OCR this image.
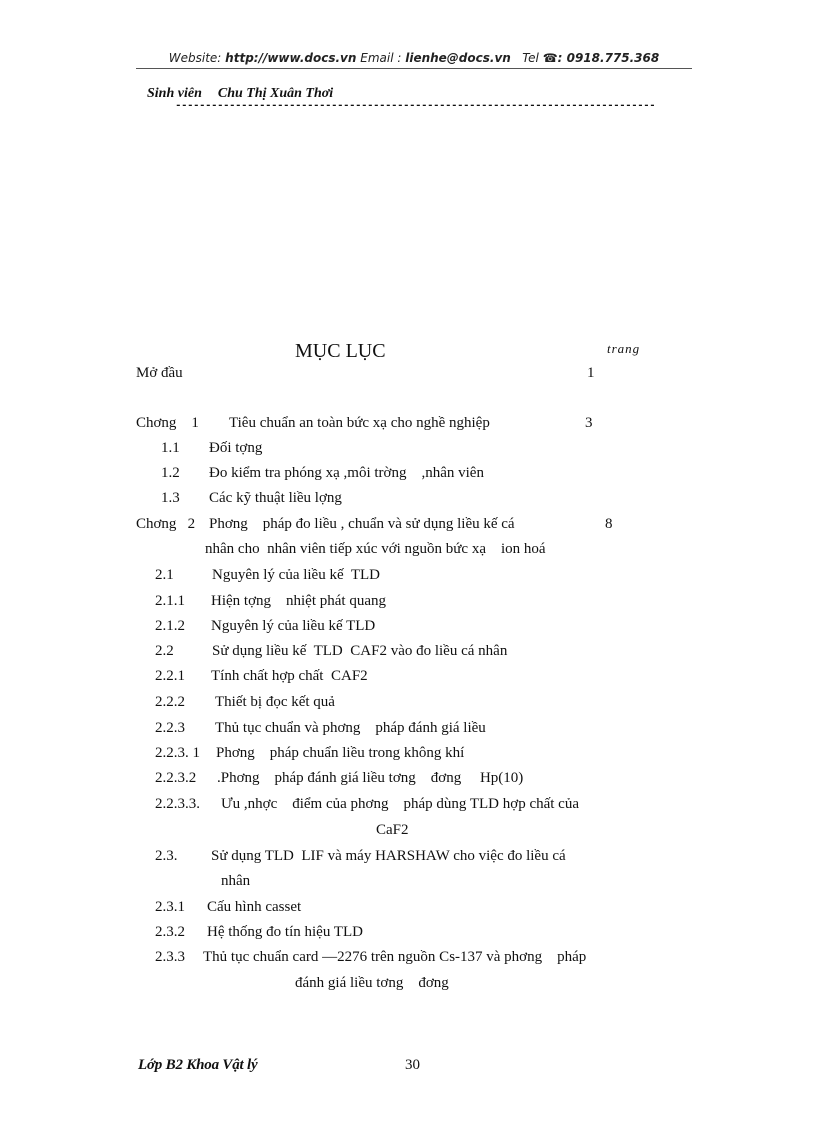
Website: http://www.docs.vn Email : lienhe@docs.vn Tel ☎: 0918.775.368
Sinh viên Chu Thị Xuân Thơi
--------------------------------------------------------------------------------
MỤC LỤC	trang
Mở đầu	1
Chơng    1 Tiêu chuẩn an toàn bức xạ cho nghề nghiệp	3
1.1 Đối tợng
1.2 Đo kiểm tra phóng xạ ,môi trờng    ,nhân viên
1.3 Các kỹ thuật liều lợng
Chơng   2 Phơng    pháp đo liều , chuẩn và sử dụng liều kế cá	8
nhân cho  nhân viên tiếp xúc với nguồn bức xạ    ion hoá
2.1	Nguyên lý của liều kế  TLD
2.1.1 Hiện tợng    nhiệt phát quang
2.1.2 Nguyên lý của liều kế TLD
2.2	Sử dụng liều kế  TLD  CAF2 vào đo liều cá nhân
2.2.1 Tính chất hợp chất  CAF2
2.2.2 Thiết bị đọc kết quả
2.2.3 Thủ tục chuẩn và phơng    pháp đánh giá liều
2.2.3. 1 Phơng    pháp chuẩn liều trong không khí
2.2.3.2 .Phơng    pháp đánh giá liều tơng    đơng     Hp(10)
2.2.3.3. Ưu ,nhợc    điểm của phơng    pháp dùng TLD hợp chất của
CaF2
2.3. Sử dụng TLD  LIF và máy HARSHAW cho việc đo liều cá
nhân
2.3.1 Cấu hình casset
2.3.2 Hệ thống đo tín hiệu TLD
2.3.3 Thủ tục chuẩn card —2276 trên nguồn Cs-137 và phơng    pháp
đánh giá liều tơng    đơng
Lớp B2 Khoa Vật lý	30
